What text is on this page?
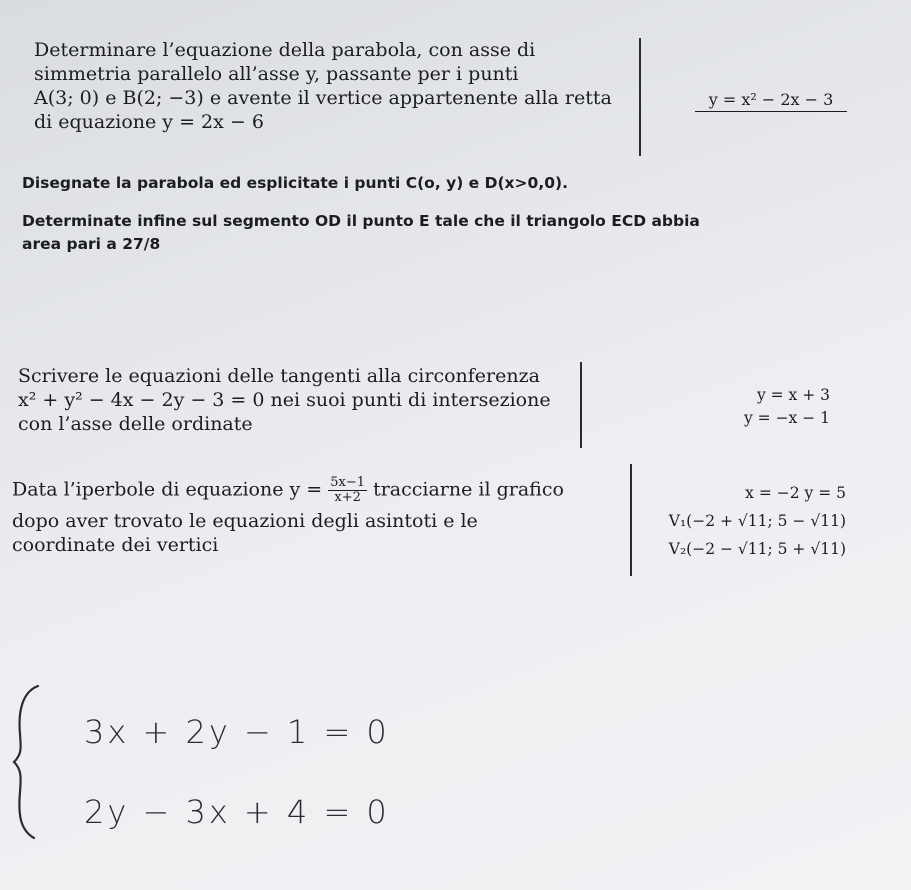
Determinare l’equazione della parabola, con asse di
simmetria parallelo all’asse y, passante per i punti
A(3; 0) e B(2; −3) e avente il vertice appartenente alla retta
di equazione y = 2x − 6
y = x² − 2x − 3
Disegnate la parabola ed esplicitate i punti C(o, y) e D(x>0,0).
Determinate infine sul segmento OD il punto E tale che il triangolo ECD abbia
area pari a 27/8
Scrivere le equazioni delle tangenti alla circonferenza
x² + y² − 4x − 2y − 3 = 0 nei suoi punti di intersezione
con l’asse delle ordinate
y = x + 3
y = −x − 1
Data l’iperbole di equazione $y = \frac{5x-1}{x+2}$ tracciarne il grafico
dopo aver trovato le equazioni degli asintoti e le
coordinate dei vertici
x = −2 y = 5
V₁(−2 + √11; 5 − √11)
V₂(−2 − √11; 5 + √11)
3x + 2y − 1 = 0
2y − 3x + 4 = 0
